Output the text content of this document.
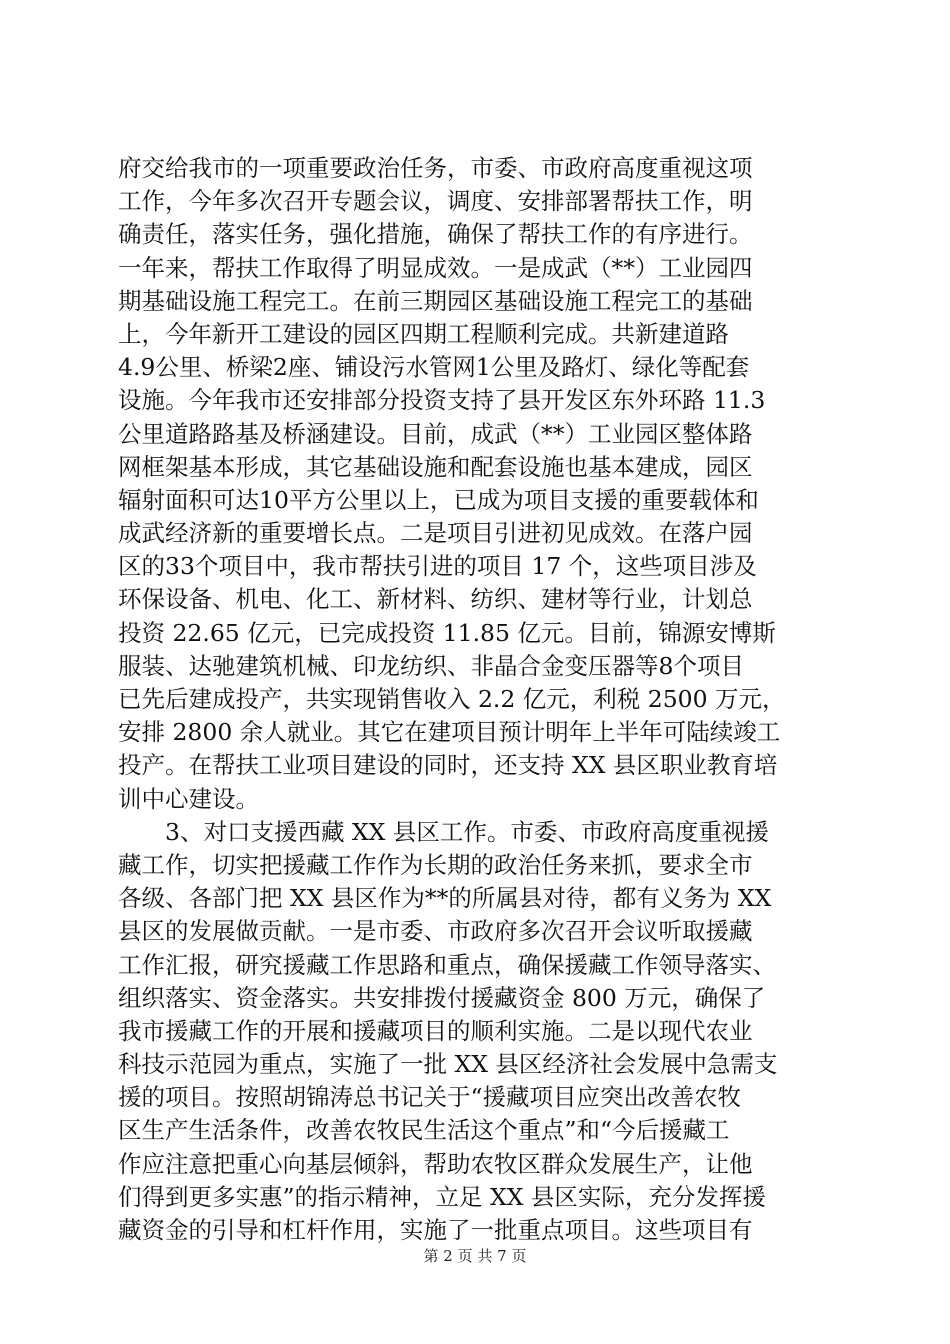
府交给我市的一项重要政治任务，市委、市政府高度重视这项
工作，今年多次召开专题会议，调度、安排部署帮扶工作，明
确责任，落实任务，强化措施，确保了帮扶工作的有序进行。
一年来，帮扶工作取得了明显成效。一是成武（**）工业园四
期基础设施工程完工。在前三期园区基础设施工程完工的基础
上，今年新开工建设的园区四期工程顺利完成。共新建道路
4.9公里、桥梁2座、铺设污水管网1公里及路灯、绿化等配套
设施。今年我市还安排部分投资支持了县开发区东外环路 11.3
公里道路路基及桥涵建设。目前，成武（**）工业园区整体路
网框架基本形成，其它基础设施和配套设施也基本建成，园区
辐射面积可达10平方公里以上，已成为项目支援的重要载体和
成武经济新的重要增长点。二是项目引进初见成效。在落户园
区的33个项目中，我市帮扶引进的项目 17 个，这些项目涉及
环保设备、机电、化工、新材料、纺织、建材等行业，计划总
投资 22.65 亿元，已完成投资 11.85 亿元。目前，锦源安博斯
服装、达驰建筑机械、印龙纺织、非晶合金变压器等8个项目
已先后建成投产，共实现销售收入 2.2 亿元，利税 2500 万元，
安排 2800 余人就业。其它在建项目预计明年上半年可陆续竣工
投产。在帮扶工业项目建设的同时，还支持 XX 县区职业教育培
训中心建设。
　　3、对口支援西藏 XX 县区工作。市委、市政府高度重视援
藏工作，切实把援藏工作作为长期的政治任务来抓，要求全市
各级、各部门把 XX 县区作为**的所属县对待，都有义务为 XX
县区的发展做贡献。一是市委、市政府多次召开会议听取援藏
工作汇报，研究援藏工作思路和重点，确保援藏工作领导落实、
组织落实、资金落实。共安排拨付援藏资金 800 万元，确保了
我市援藏工作的开展和援藏项目的顺利实施。二是以现代农业
科技示范园为重点，实施了一批 XX 县区经济社会发展中急需支
援的项目。按照胡锦涛总书记关于“援藏项目应突出改善农牧
区生产生活条件，改善农牧民生活这个重点”和“今后援藏工
作应注意把重心向基层倾斜，帮助农牧区群众发展生产，让他
们得到更多实惠”的指示精神，立足 XX 县区实际，充分发挥援
藏资金的引导和杠杆作用，实施了一批重点项目。这些项目有
第 2 页 共 7 页
